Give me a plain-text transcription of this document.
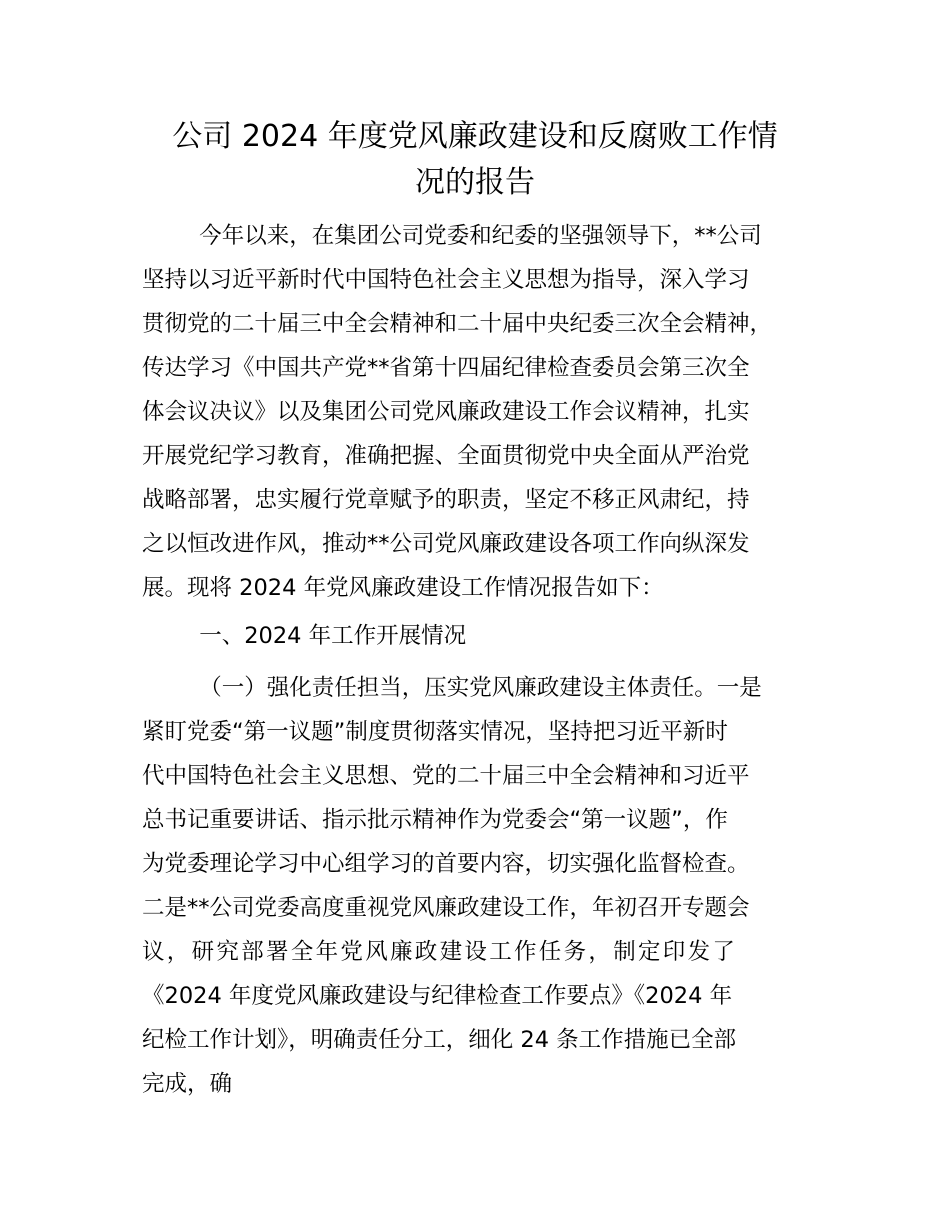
公司 2024 年度党风廉政建设和反腐败工作情
况的报告
今年以来，在集团公司党委和纪委的坚强领导下，**公司
坚持以习近平新时代中国特色社会主义思想为指导，深入学习
贯彻党的二十届三中全会精神和二十届中央纪委三次全会精神，
传达学习《中国共产党**省第十四届纪律检查委员会第三次全
体会议决议》以及集团公司党风廉政建设工作会议精神，扎实
开展党纪学习教育，准确把握、全面贯彻党中央全面从严治党
战略部署，忠实履行党章赋予的职责，坚定不移正风肃纪，持
之以恒改进作风，推动**公司党风廉政建设各项工作向纵深发
展。现将 2024 年党风廉政建设工作情况报告如下：
一、2024 年工作开展情况
（一）强化责任担当，压实党风廉政建设主体责任。一是
紧盯党委“第一议题”制度贯彻落实情况，坚持把习近平新时
代中国特色社会主义思想、党的二十届三中全会精神和习近平
总书记重要讲话、指示批示精神作为党委会“第一议题”，作
为党委理论学习中心组学习的首要内容，切实强化监督检查。
二是**公司党委高度重视党风廉政建设工作，年初召开专题会
议，研究部署全年党风廉政建设工作任务，制定印发了
《2024 年度党风廉政建设与纪律检查工作要点》《2024 年
纪检工作计划》，明确责任分工，细化 24 条工作措施已全部
完成，确
